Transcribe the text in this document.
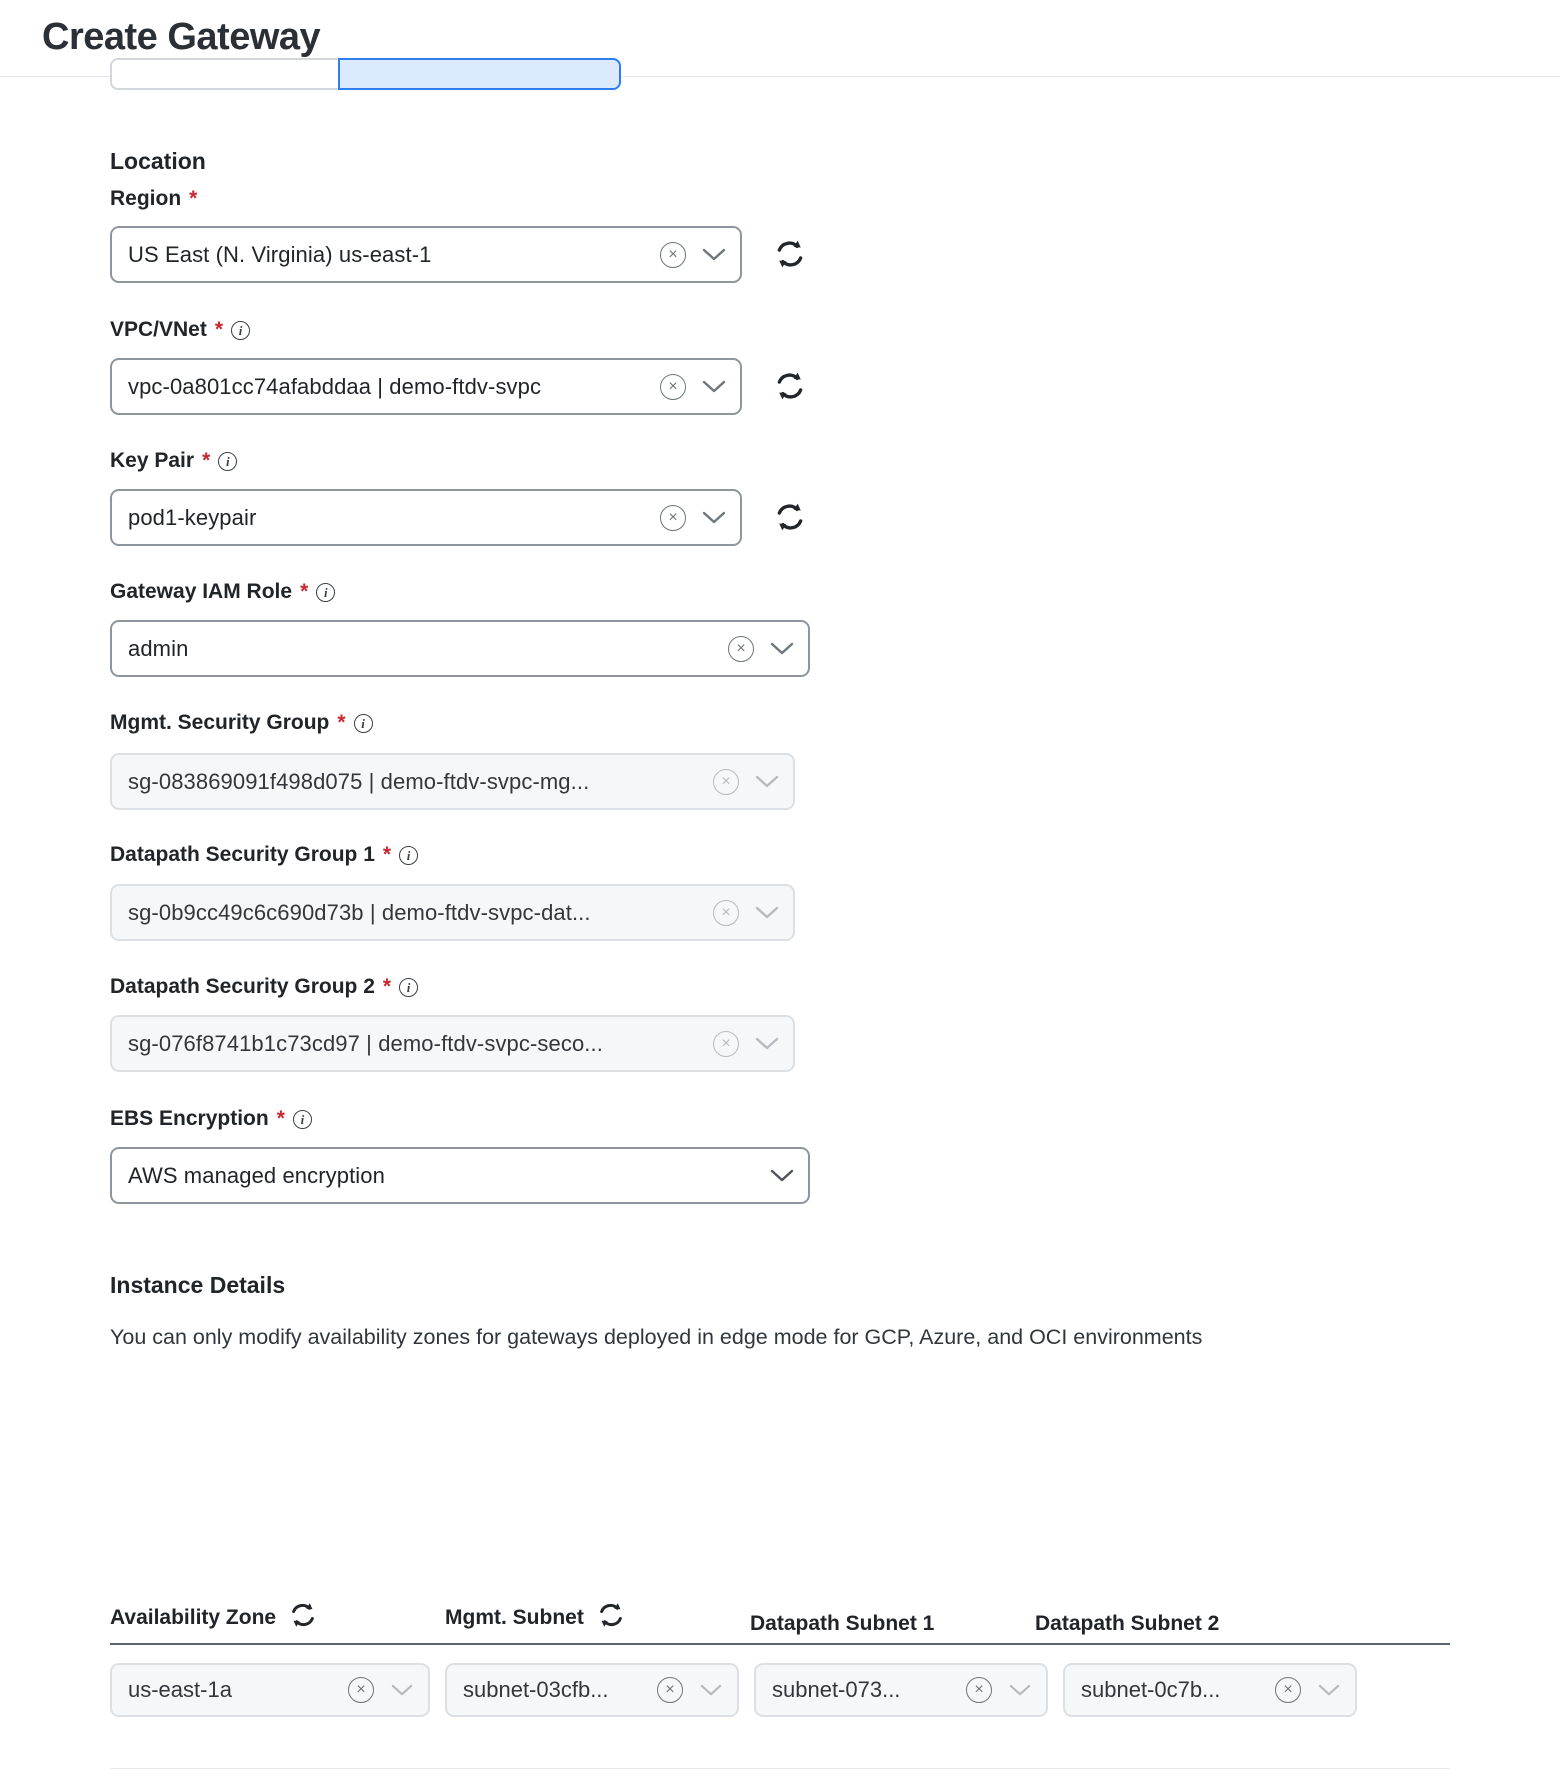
Create Gateway
Location
Region *
US East (N. Virginia) us-east-1	×
VPC/VNet *	i
vpc-0a801cc74afabddaa | demo-ftdv-svpc	×
Key Pair *	i
pod1-keypair	×
Gateway IAM Role *	i
admin	×
Mgmt. Security Group *	i
sg-083869091f498d075 | demo-ftdv-svpc-mg...	×
Datapath Security Group 1 *	i
sg-0b9cc49c6c690d73b | demo-ftdv-svpc-dat...	×
Datapath Security Group 2 *	i
sg-076f8741b1c73cd97 | demo-ftdv-svpc-seco...	×
EBS Encryption *	i
AWS managed encryption
Instance Details
You can only modify availability zones for gateways deployed in edge mode for GCP, Azure, and OCI environments
Availability Zone	Mgmt. Subnet	Datapath Subnet 1	Datapath Subnet 2
us-east-1a	×	subnet-03cfb...	×	subnet-073...	×	subnet-0c7b...	×
